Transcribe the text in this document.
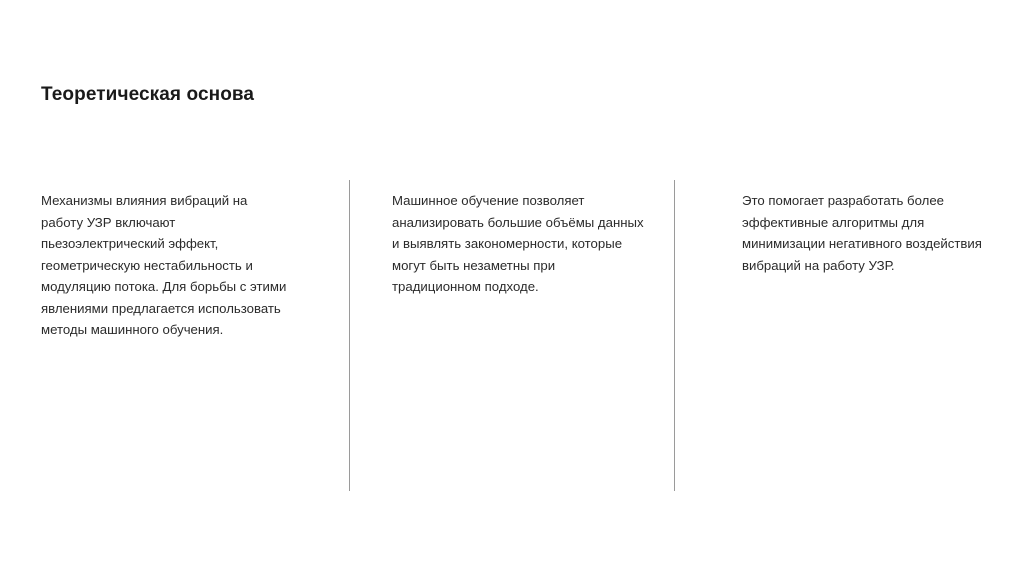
Теоретическая основа
Механизмы влияния вибраций на
работу УЗР включают
пьезоэлектрический эффект,
геометрическую нестабильность и
модуляцию потока. Для борьбы с этими
явлениями предлагается использовать
методы машинного обучения.
Машинное обучение позволяет
анализировать большие объёмы данных
и выявлять закономерности, которые
могут быть незаметны при
традиционном подходе.
Это помогает разработать более
эффективные алгоритмы для
минимизации негативного воздействия
вибраций на работу УЗР.
